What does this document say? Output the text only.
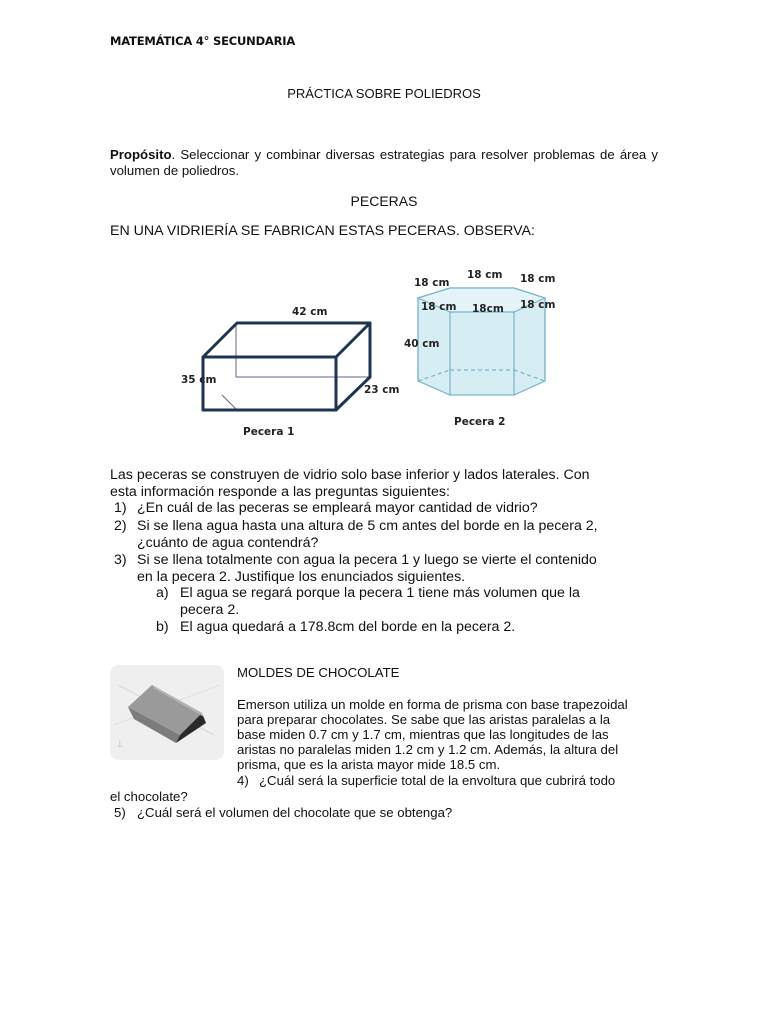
MATEMÁTICA 4° SECUNDARIA
PRÁCTICA SOBRE POLIEDROS
Propósito. Seleccionar y combinar diversas estrategias para resolver problemas de área y volumen de poliedros.
PECERAS
EN UNA VIDRIERÍA SE FABRICAN ESTAS PECERAS. OBSERVA:
42 cm
35 cm
23 cm
Pecera 1
18 cm
18 cm 18 cm
18 cm 18cm 18 cm
40 cm
Pecera 2
Las peceras se construyen de vidrio solo base inferior y lados laterales. Con
esta información responde a las preguntas siguientes:
1) ¿En cuál de las peceras se empleará mayor cantidad de vidrio?
2) Si se llena agua hasta una altura de 5 cm antes del borde en la pecera 2,
¿cuánto de agua contendrá?
3) Si se llena totalmente con agua la pecera 1 y luego se vierte el contenido
en la pecera 2. Justifique los enunciados siguientes.
a) El agua se regará porque la pecera 1 tiene más volumen que la
pecera 2.
b) El agua quedará a 178.8cm del borde en la pecera 2.
⊥
MOLDES DE CHOCOLATE
Emerson utiliza un molde en forma de prisma con base trapezoidal
para preparar chocolates. Se sabe que las aristas paralelas a la
base miden 0.7 cm y 1.7 cm, mientras que las longitudes de las
aristas no paralelas miden 1.2 cm y 1.2 cm. Además, la altura del
prisma, que es la arista mayor mide 18.5 cm.
4) ¿Cuál será la superficie total de la envoltura que cubrirá todo
el chocolate?
5) ¿Cuál será el volumen del chocolate que se obtenga?
